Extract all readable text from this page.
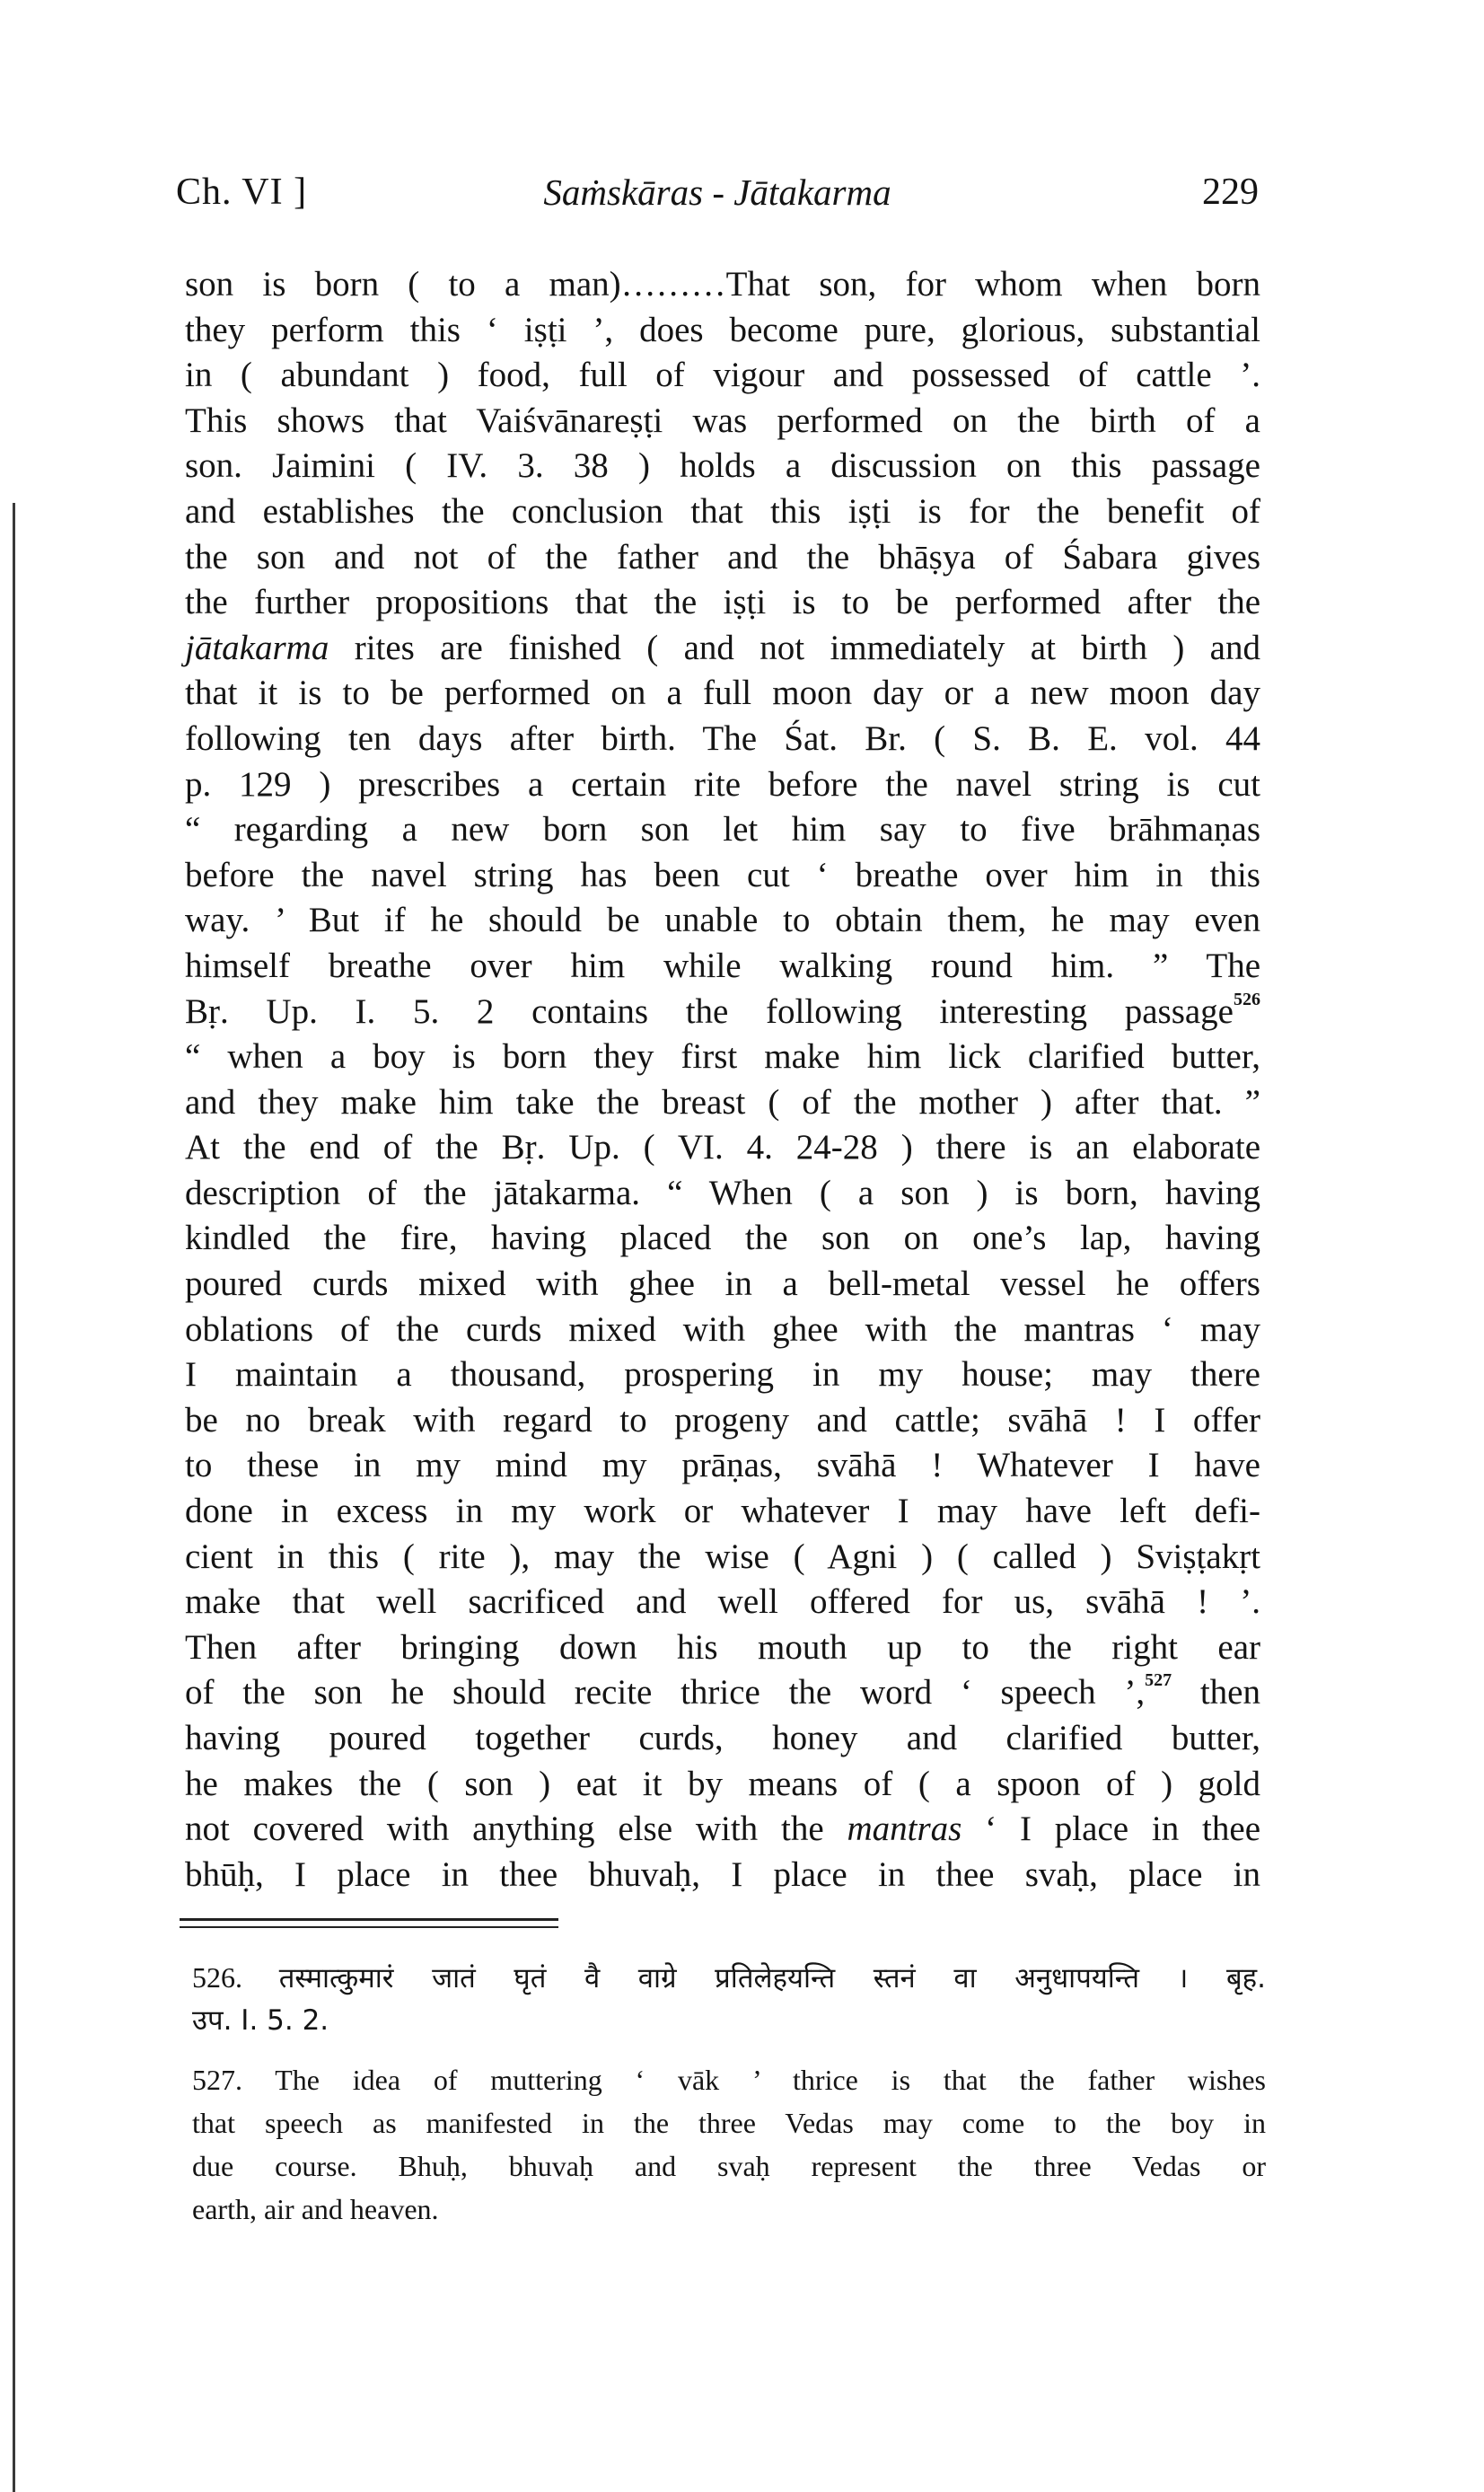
Ch. VI ]	Saṁskāras - Jātakarma	229
son is born ( to a man)………That son, for whom when born
they perform this ‘ iṣṭi ’, does become pure, glorious, substantial
in ( abundant ) food, full of vigour and possessed of cattle ’.
This shows that Vaiśvānareṣṭi was performed on the birth of a
son. Jaimini ( IV. 3. 38 ) holds a discussion on this passage
and establishes the conclusion that this iṣṭi is for the benefit of
the son and not of the father and the bhāṣya of Śabara gives
the further propositions that the iṣṭi is to be performed after the
jātakarma rites are finished ( and not immediately at birth ) and
that it is to be performed on a full moon day or a new moon day
following ten days after birth. The Śat. Br. ( S. B. E. vol. 44
p. 129 ) prescribes a certain rite before the navel string is cut
“ regarding a new born son let him say to five brāhmaṇas
before the navel string has been cut ‘ breathe over him in this
way. ’ But if he should be unable to obtain them, he may even
himself breathe over him while walking round him. ” The
Bṛ. Up. I. 5. 2 contains the following interesting passage$^{526}$
“ when a boy is born they first make him lick clarified butter,
and they make him take the breast ( of the mother ) after that. ”
At the end of the Bṛ. Up. ( VI. 4. 24-28 ) there is an elaborate
description of the jātakarma. “ When ( a son ) is born, having
kindled the fire, having placed the son on one’s lap, having
poured curds mixed with ghee in a bell-metal vessel he offers
oblations of the curds mixed with ghee with the mantras ‘ may
I maintain a thousand, prospering in my house; may there
be no break with regard to progeny and cattle; svāhā ! I offer
to these in my mind my prāṇas, svāhā ! Whatever I have
done in excess in my work or whatever I may have left defi-
cient in this ( rite ), may the wise ( Agni ) ( called ) Sviṣṭakṛt
make that well sacrificed and well offered for us, svāhā ! ’.
Then after bringing down his mouth up to the right ear
of the son he should recite thrice the word ‘ speech ’,$^{527}$ then
having poured together curds, honey and clarified butter,
he makes the ( son ) eat it by means of ( a spoon of ) gold
not covered with anything else with the mantras ‘ I place in thee
bhūḥ, I place in thee bhuvaḥ, I place in thee svaḥ, place in
526. तस्मात्कुमारं जातं घृतं वै वाग्रे प्रतिलेहयन्ति स्तनं वा अनुधापयन्ति । बृह.
उप. I. 5. 2.
527. The idea of muttering ‘ vāk ’ thrice is that the father wishes
that speech as manifested in the three Vedas may come to the boy in
due course. Bhuḥ, bhuvaḥ and svaḥ represent the three Vedas or
earth, air and heaven.
